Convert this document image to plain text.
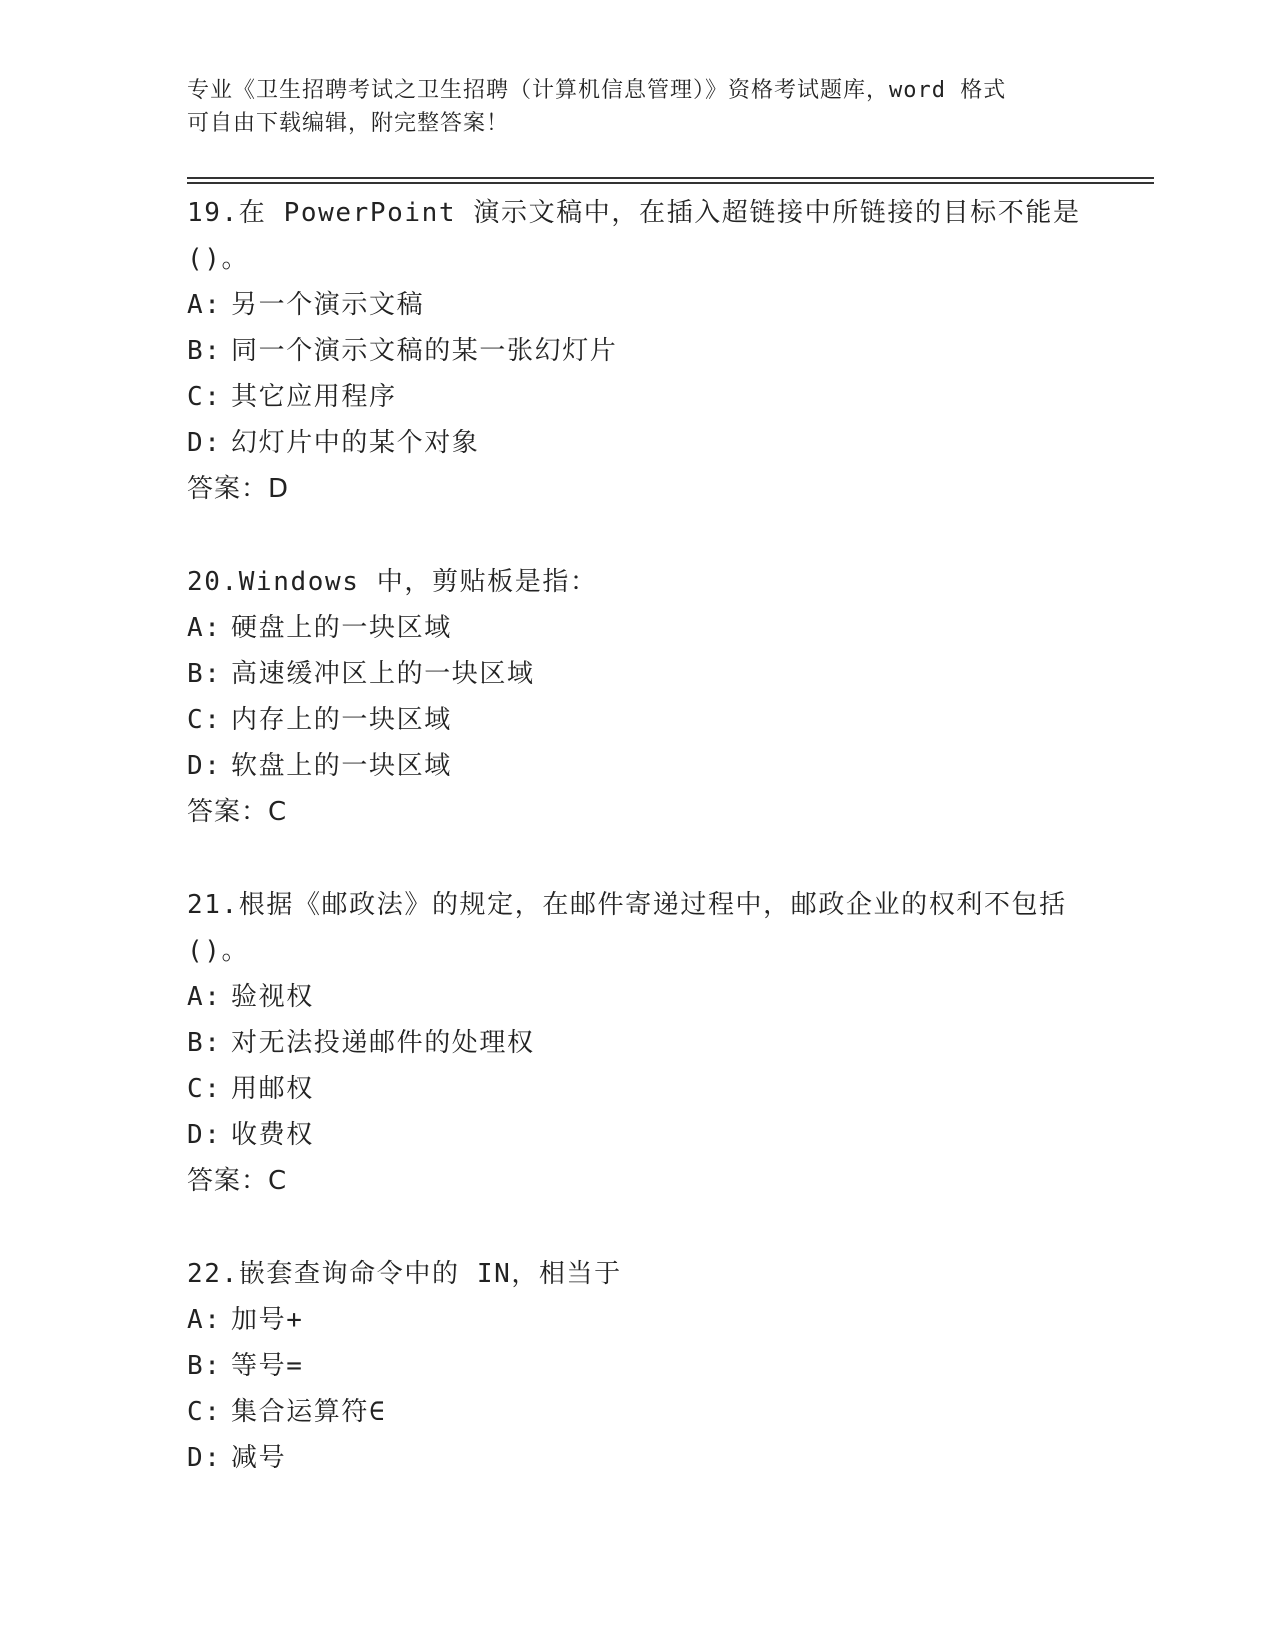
专业《卫生招聘考试之卫生招聘（计算机信息管理）》资格考试题库，word 格式
可自由下载编辑，附完整答案！
19.在 PowerPoint 演示文稿中，在插入超链接中所链接的目标不能是()。
A: 另一个演示文稿
B: 同一个演示文稿的某一张幻灯片
C: 其它应用程序
D: 幻灯片中的某个对象
答案：D
20.Windows 中，剪贴板是指：
A: 硬盘上的一块区域
B: 高速缓冲区上的一块区域
C: 内存上的一块区域
D: 软盘上的一块区域
答案：C
21.根据《邮政法》的规定，在邮件寄递过程中，邮政企业的权利不包括()。
A: 验视权
B: 对无法投递邮件的处理权
C: 用邮权
D: 收费权
答案：C
22.嵌套查询命令中的 IN，相当于
A: 加号+
B: 等号=
C: 集合运算符∈
D: 减号
